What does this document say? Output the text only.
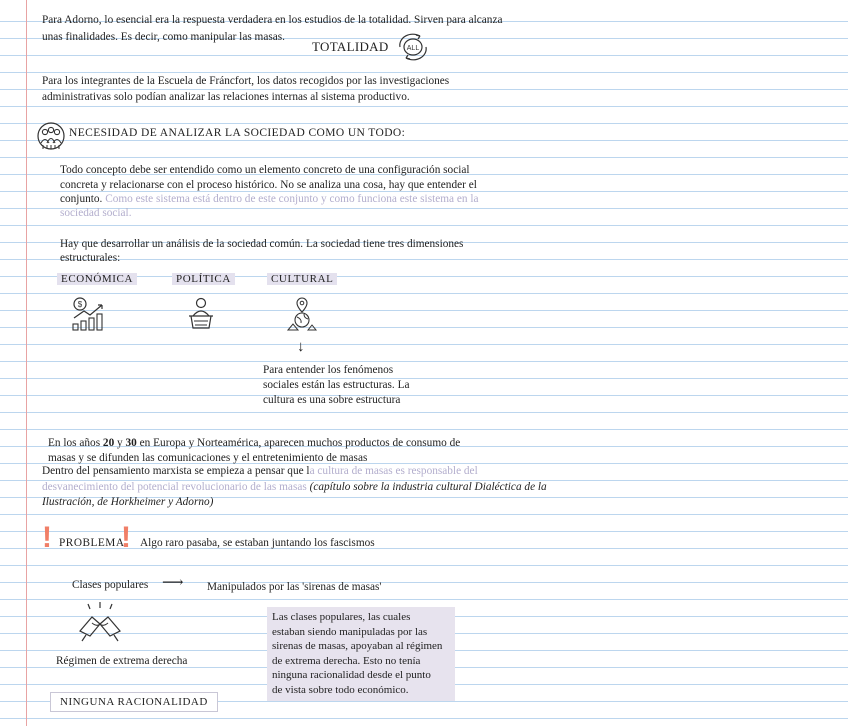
Para Adorno, lo esencial era la respuesta verdadera en los estudios de la totalidad. Sirven para alcanza
unas finalidades. Es decir, como manipular las masas.
TOTALIDAD	ALL
Para los integrantes de la Escuela de Fráncfort, los datos recogidos por las investigaciones
administrativas solo podían analizar las relaciones internas al sistema productivo.
NECESIDAD DE ANALIZAR LA SOCIEDAD COMO UN TODO:
Todo concepto debe ser entendido como un elemento concreto de una configuración social
concreta y relacionarse con el proceso histórico. No se analiza una cosa, hay que entender el
conjunto. Como este sistema está dentro de este conjunto y como funciona este sistema en la
sociedad social.
Hay que desarrollar un análisis de la sociedad común. La sociedad tiene tres dimensiones
estructurales:
ECONÓMICA	POLÍTICA	CULTURAL
$
↓
Para entender los fenómenos
sociales están las estructuras. La
cultura es una sobre estructura
En los años 20 y 30 en Europa y Norteamérica, aparecen muchos productos de consumo de
masas y se difunden las comunicaciones y el entretenimiento de masas
Dentro del pensamiento marxista se empieza a pensar que la cultura de masas es responsable del
desvanecimiento del potencial revolucionario de las masas (capítulo sobre la industria cultural Dialéctica de la
Ilustración, de Horkheimer y Adorno)
! PROBLEMA
! Algo raro pasaba, se estaban juntando los fascismos
Clases populares ⟶ Manipulados por las 'sirenas de masas'
Régimen de extrema derecha
Las clases populares, las cuales
estaban siendo manipuladas por las
sirenas de masas, apoyaban al régimen
de extrema derecha. Esto no tenía
ninguna racionalidad desde el punto
de vista sobre todo económico.
NINGUNA RACIONALIDAD
